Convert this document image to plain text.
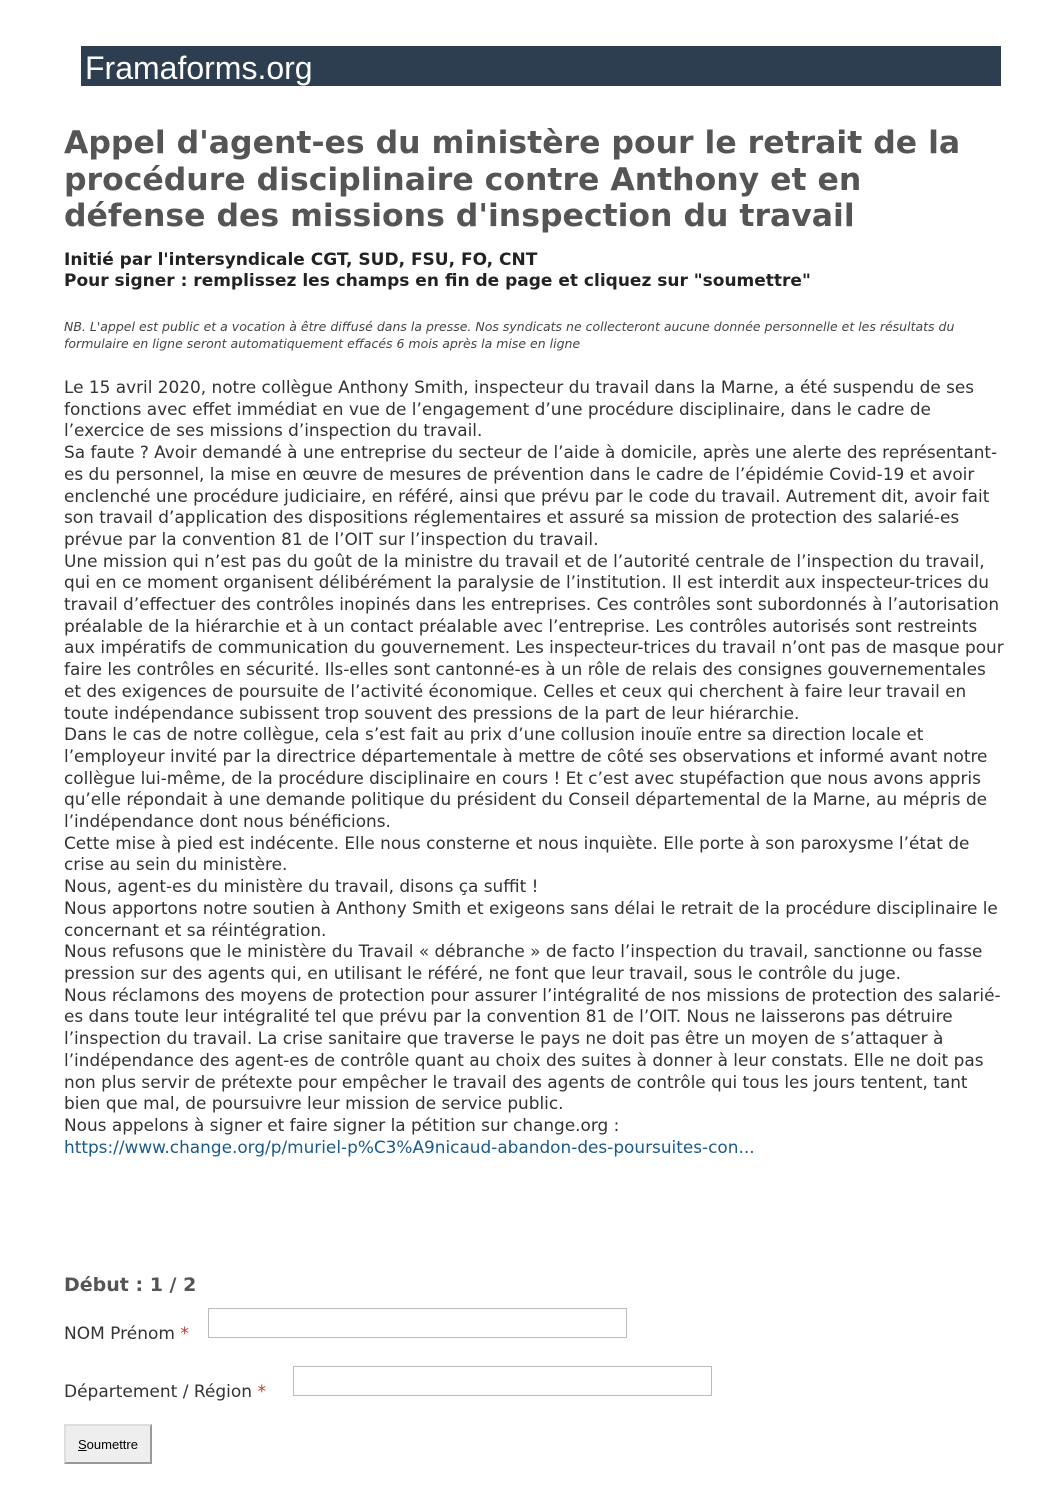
Framaforms.org
Appel d'agent-es du ministère pour le retrait de la procédure disciplinaire contre Anthony et en défense des missions d'inspection du travail
Initié par l'intersyndicale CGT, SUD, FSU, FO, CNT
Pour signer : remplissez les champs en fin de page et cliquez sur "soumettre"
NB. L'appel est public et a vocation à être diffusé dans la presse. Nos syndicats ne collecteront aucune donnée personnelle et les résultats du formulaire en ligne seront automatiquement effacés 6 mois après la mise en ligne

Le 15 avril 2020, notre collègue Anthony Smith, inspecteur du travail dans la Marne, a été suspendu de ses fonctions avec effet immédiat en vue de l’engagement d’une procédure disciplinaire, dans le cadre de l’exercice de ses missions d’inspection du travail.

Sa faute ? Avoir demandé à une entreprise du secteur de l’aide à domicile, après une alerte des représentant-es du personnel, la mise en œuvre de mesures de prévention dans le cadre de l’épidémie Covid-19 et avoir enclenché une procédure judiciaire, en référé, ainsi que prévu par le code du travail. Autrement dit, avoir fait son travail d’application des dispositions réglementaires et assuré sa mission de protection des salarié-es prévue par la convention 81 de l’OIT sur l’inspection du travail.

Une mission qui n’est pas du goût de la ministre du travail et de l’autorité centrale de l’inspection du travail, qui en ce moment organisent délibérément la paralysie de l’institution. Il est interdit aux inspecteur-trices du travail d’effectuer des contrôles inopinés dans les entreprises. Ces contrôles sont subordonnés à l’autorisation préalable de la hiérarchie et à un contact préalable avec l’entreprise. Les contrôles autorisés sont restreints aux impératifs de communication du gouvernement. Les inspecteur-trices du travail n’ont pas de masque pour faire les contrôles en sécurité. Ils-elles sont cantonné-es à un rôle de relais des consignes gouvernementales et des exigences de poursuite de l’activité économique. Celles et ceux qui cherchent à faire leur travail en toute indépendance subissent trop souvent des pressions de la part de leur hiérarchie.

Dans le cas de notre collègue, cela s’est fait au prix d’une collusion inouïe entre sa direction locale et l’employeur invité par la directrice départementale à mettre de côté ses observations et informé avant notre collègue lui-même, de la procédure disciplinaire en cours ! Et c’est avec stupéfaction que nous avons appris qu’elle répondait à une demande politique du président du Conseil départemental de la Marne, au mépris de l’indépendance dont nous bénéficions.

Cette mise à pied est indécente. Elle nous consterne et nous inquiète. Elle porte à son paroxysme l’état de crise au sein du ministère.

Nous, agent-es du ministère du travail, disons ça suffit !

Nous apportons notre soutien à Anthony Smith et exigeons sans délai le retrait de la procédure disciplinaire le concernant et sa réintégration.

Nous refusons que le ministère du Travail « débranche » de facto l’inspection du travail, sanctionne ou fasse pression sur des agents qui, en utilisant le référé, ne font que leur travail, sous le contrôle du juge.

Nous réclamons des moyens de protection pour assurer l’intégralité de nos missions de protection des salarié-es dans toute leur intégralité tel que prévu par la convention 81 de l’OIT. Nous ne laisserons pas détruire l’inspection du travail. La crise sanitaire que traverse le pays ne doit pas être un moyen de s’attaquer à l’indépendance des agent-es de contrôle quant au choix des suites à donner à leur constats. Elle ne doit pas non plus servir de prétexte pour empêcher le travail des agents de contrôle qui tous les jours tentent, tant bien que mal, de poursuivre leur mission de service public.

Nous appelons à signer et faire signer la pétition sur change.org :

https://www.change.org/p/muriel-p%C3%A9nicaud-abandon-des-poursuites-con...

Début : 1 / 2
NOM Prénom *
Département / Région *
Soumettre
